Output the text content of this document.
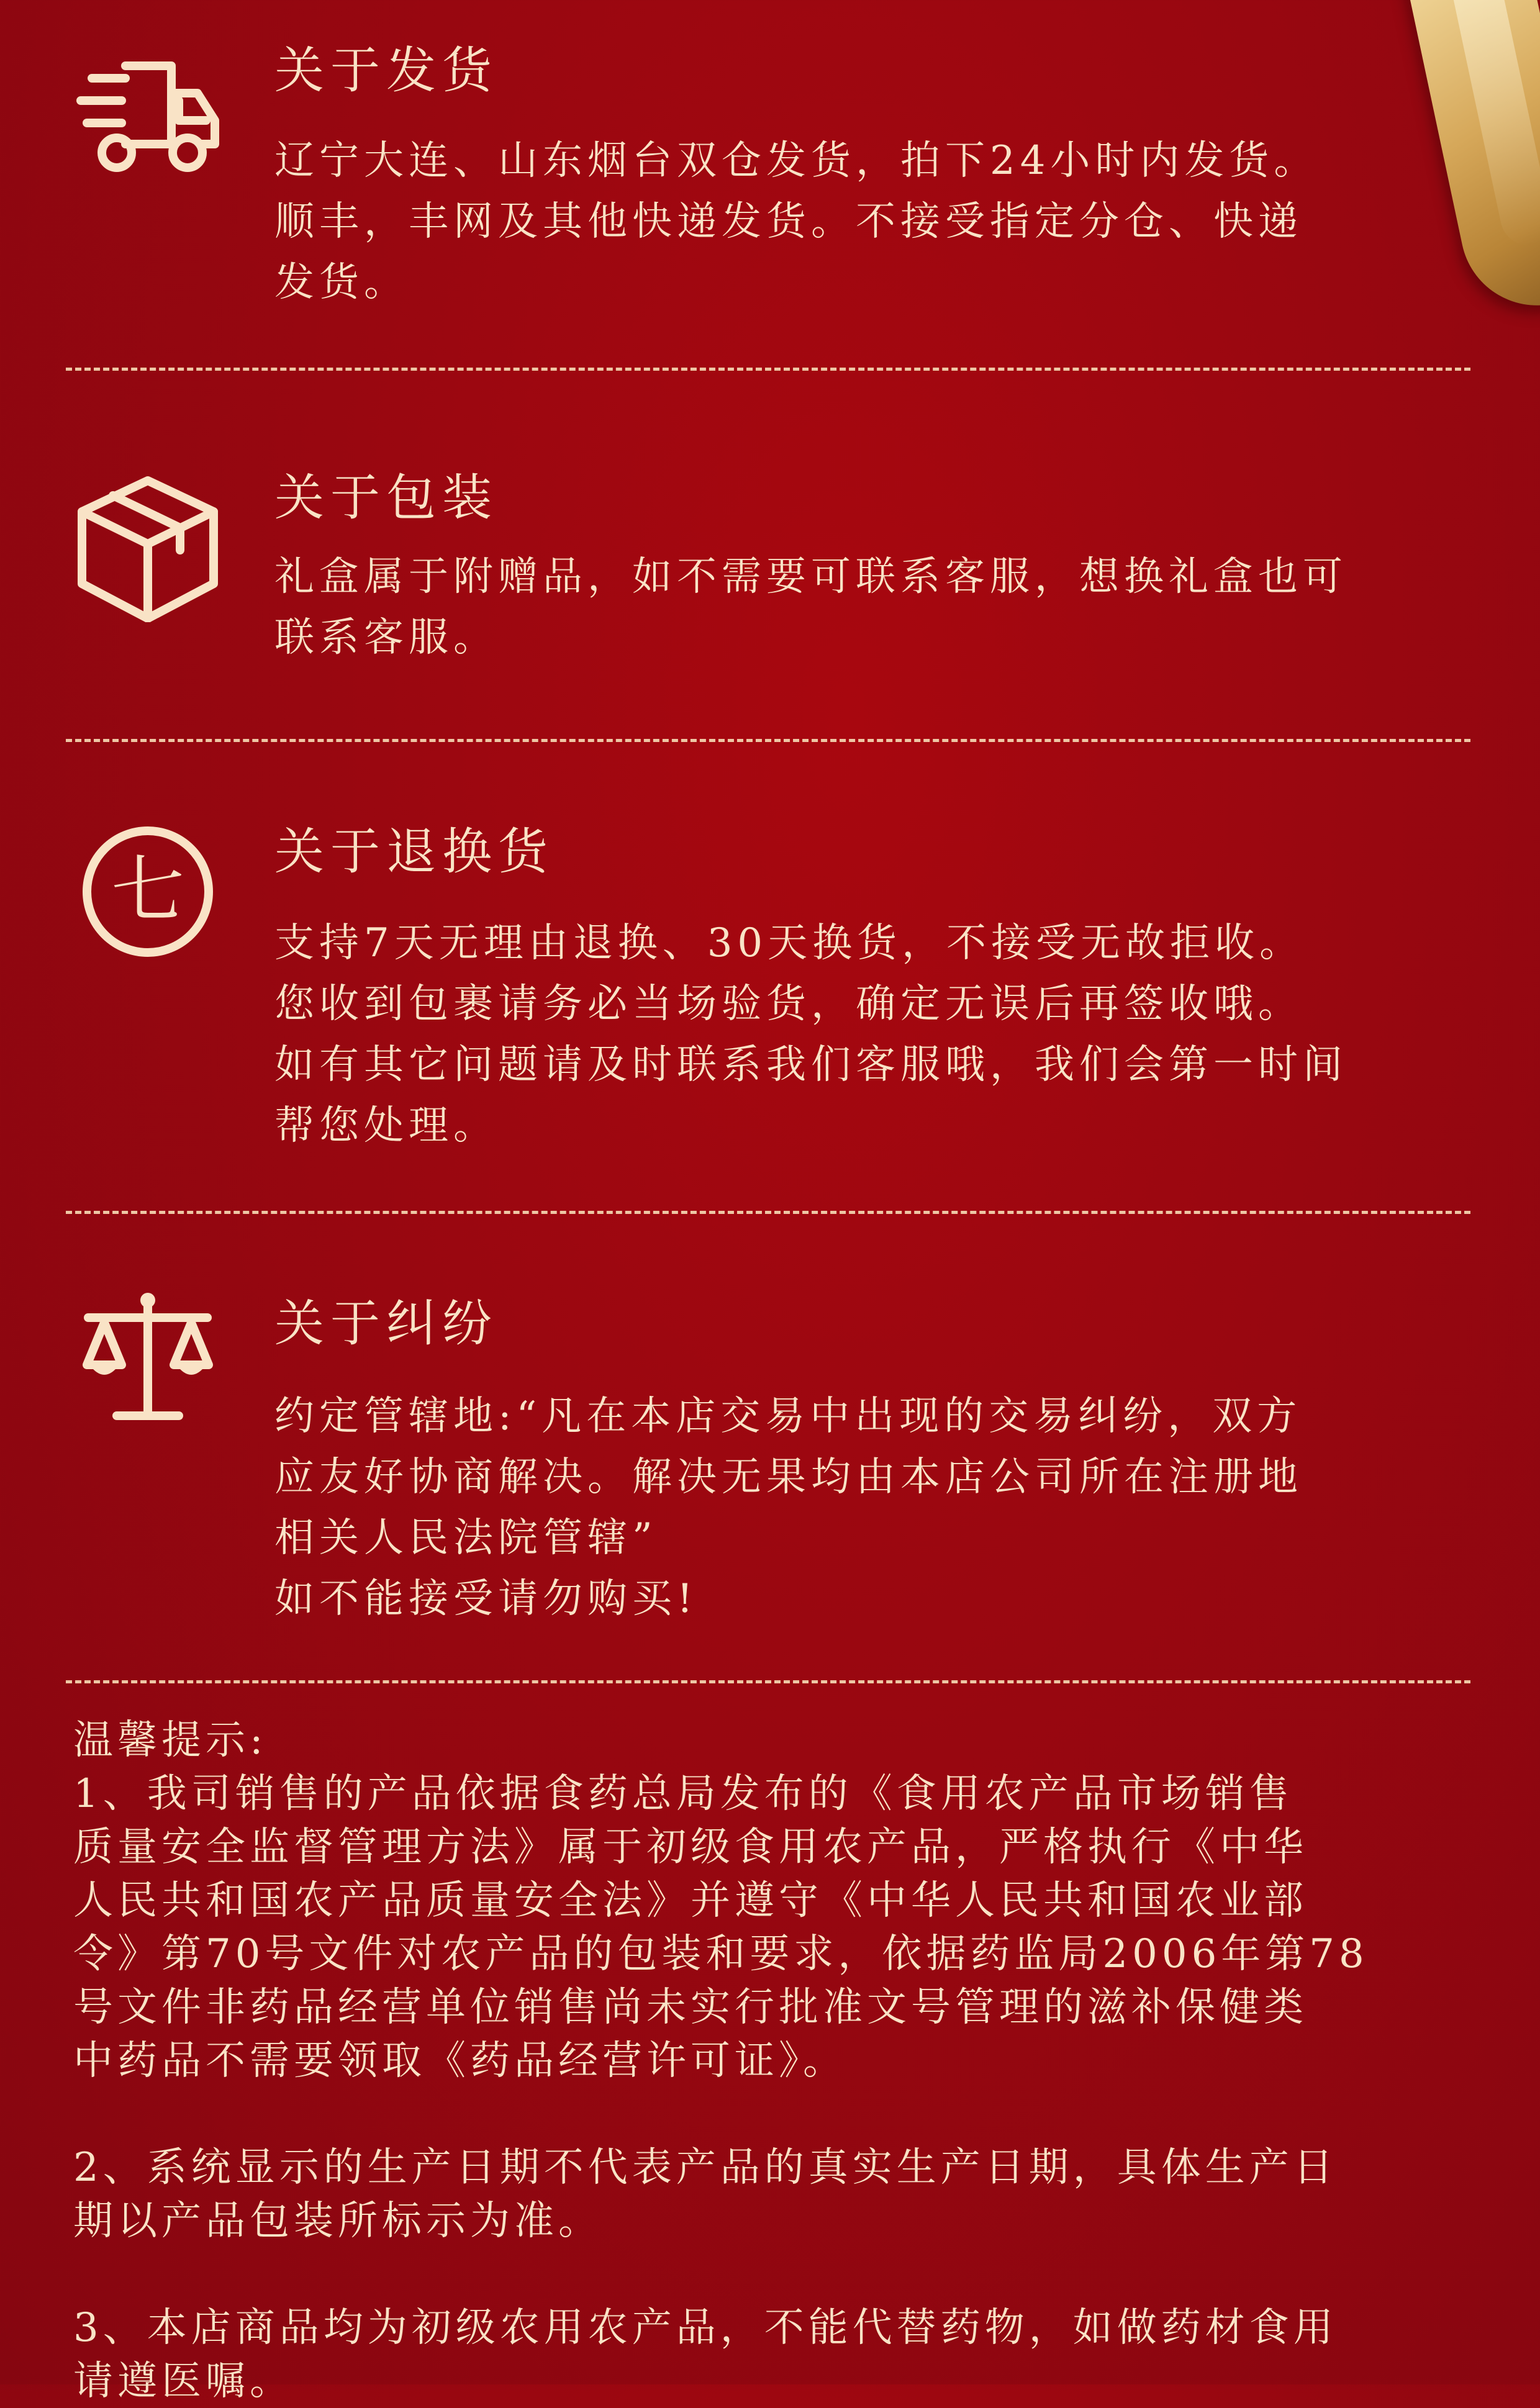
关于发货
辽宁大连、山东烟台双仓发货，拍下24小时内发货。
顺丰，丰网及其他快递发货。不接受指定分仓、快递
发货。
关于包装
礼盒属于附赠品，如不需要可联系客服，想换礼盒也可
联系客服。
七 关于退换货
支持7天无理由退换、30天换货，不接受无故拒收。
您收到包裹请务必当场验货，确定无误后再签收哦。
如有其它问题请及时联系我们客服哦，我们会第一时间
帮您处理。
关于纠纷
约定管辖地:“凡在本店交易中出现的交易纠纷，双方
应友好协商解决。解决无果均由本店公司所在注册地
相关人民法院管辖”
如不能接受请勿购买!
温馨提示:
1、我司销售的产品依据食药总局发布的《食用农产品市场销售
质量安全监督管理方法》属于初级食用农产品，严格执行《中华
人民共和国农产品质量安全法》并遵守《中华人民共和国农业部
令》第70号文件对农产品的包装和要求，依据药监局2006年第78
号文件非药品经营单位销售尚未实行批准文号管理的滋补保健类
中药品不需要领取《药品经营许可证》。
2、系统显示的生产日期不代表产品的真实生产日期，具体生产日
期以产品包装所标示为准。
3、本店商品均为初级农用农产品，不能代替药物，如做药材食用
请遵医嘱。
